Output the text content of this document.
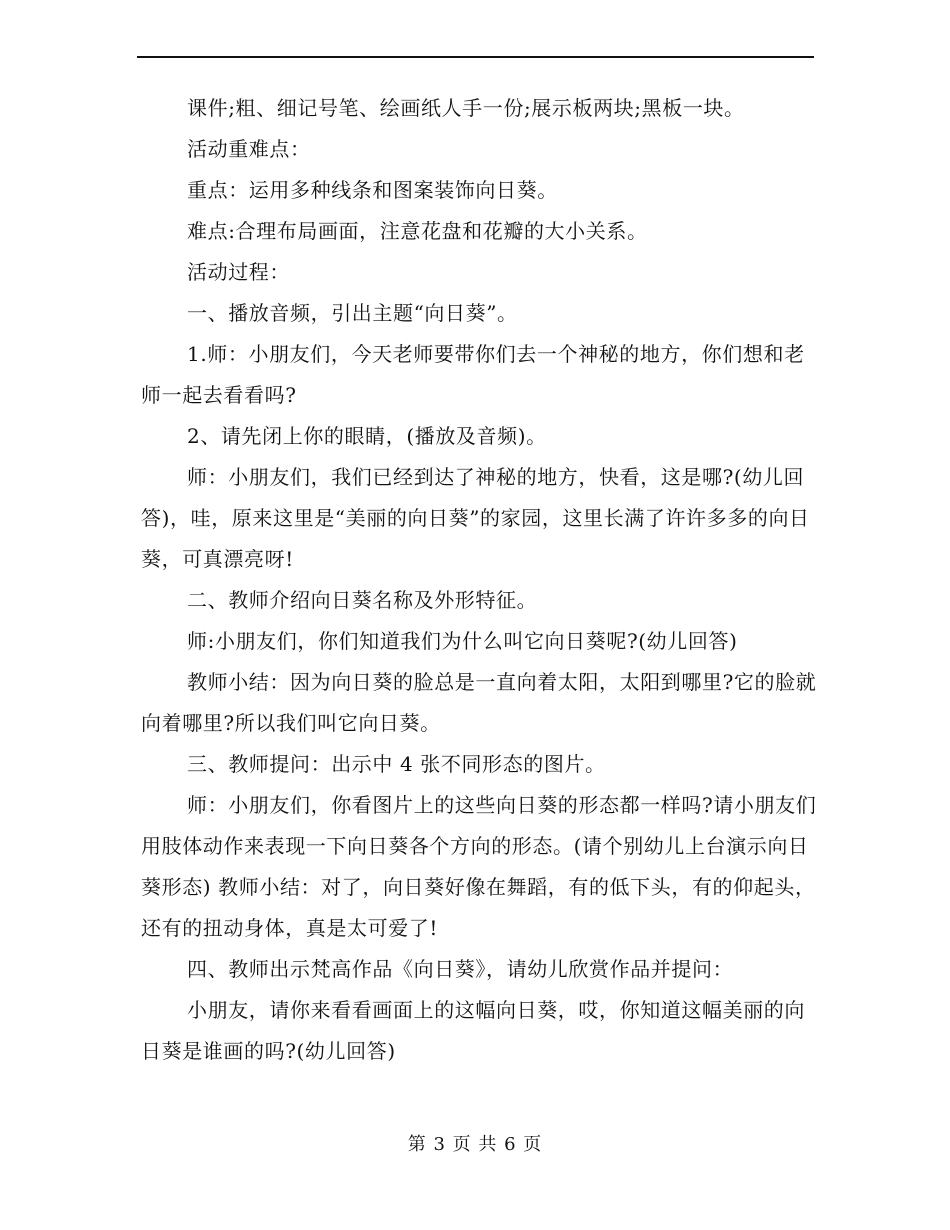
课件;粗、细记号笔、绘画纸人手一份;展示板两块;黑板一块。

活动重难点：

重点：运用多种线条和图案装饰向日葵。

难点:合理布局画面，注意花盘和花瓣的大小关系。

活动过程：

一、播放音频，引出主题“向日葵”。

1.师：小朋友们，今天老师要带你们去一个神秘的地方，你们想和老师一起去看看吗?

2、请先闭上你的眼睛，(播放及音频)。

师：小朋友们，我们已经到达了神秘的地方，快看，这是哪?(幼儿回答)，哇，原来这里是“美丽的向日葵”的家园，这里长满了许许多多的向日葵，可真漂亮呀!

二、教师介绍向日葵名称及外形特征。

师:小朋友们，你们知道我们为什么叫它向日葵呢?(幼儿回答)

教师小结：因为向日葵的脸总是一直向着太阳，太阳到哪里?它的脸就向着哪里?所以我们叫它向日葵。

三、教师提问：出示中 4 张不同形态的图片。

师：小朋友们，你看图片上的这些向日葵的形态都一样吗?请小朋友们用肢体动作来表现一下向日葵各个方向的形态。(请个别幼儿上台演示向日葵形态) 教师小结：对了，向日葵好像在舞蹈，有的低下头，有的仰起头，还有的扭动身体，真是太可爱了!

四、教师出示梵高作品《向日葵》，请幼儿欣赏作品并提问：

小朋友，请你来看看画面上的这幅向日葵，哎，你知道这幅美丽的向日葵是谁画的吗?(幼儿回答)

第 3 页 共 6 页
